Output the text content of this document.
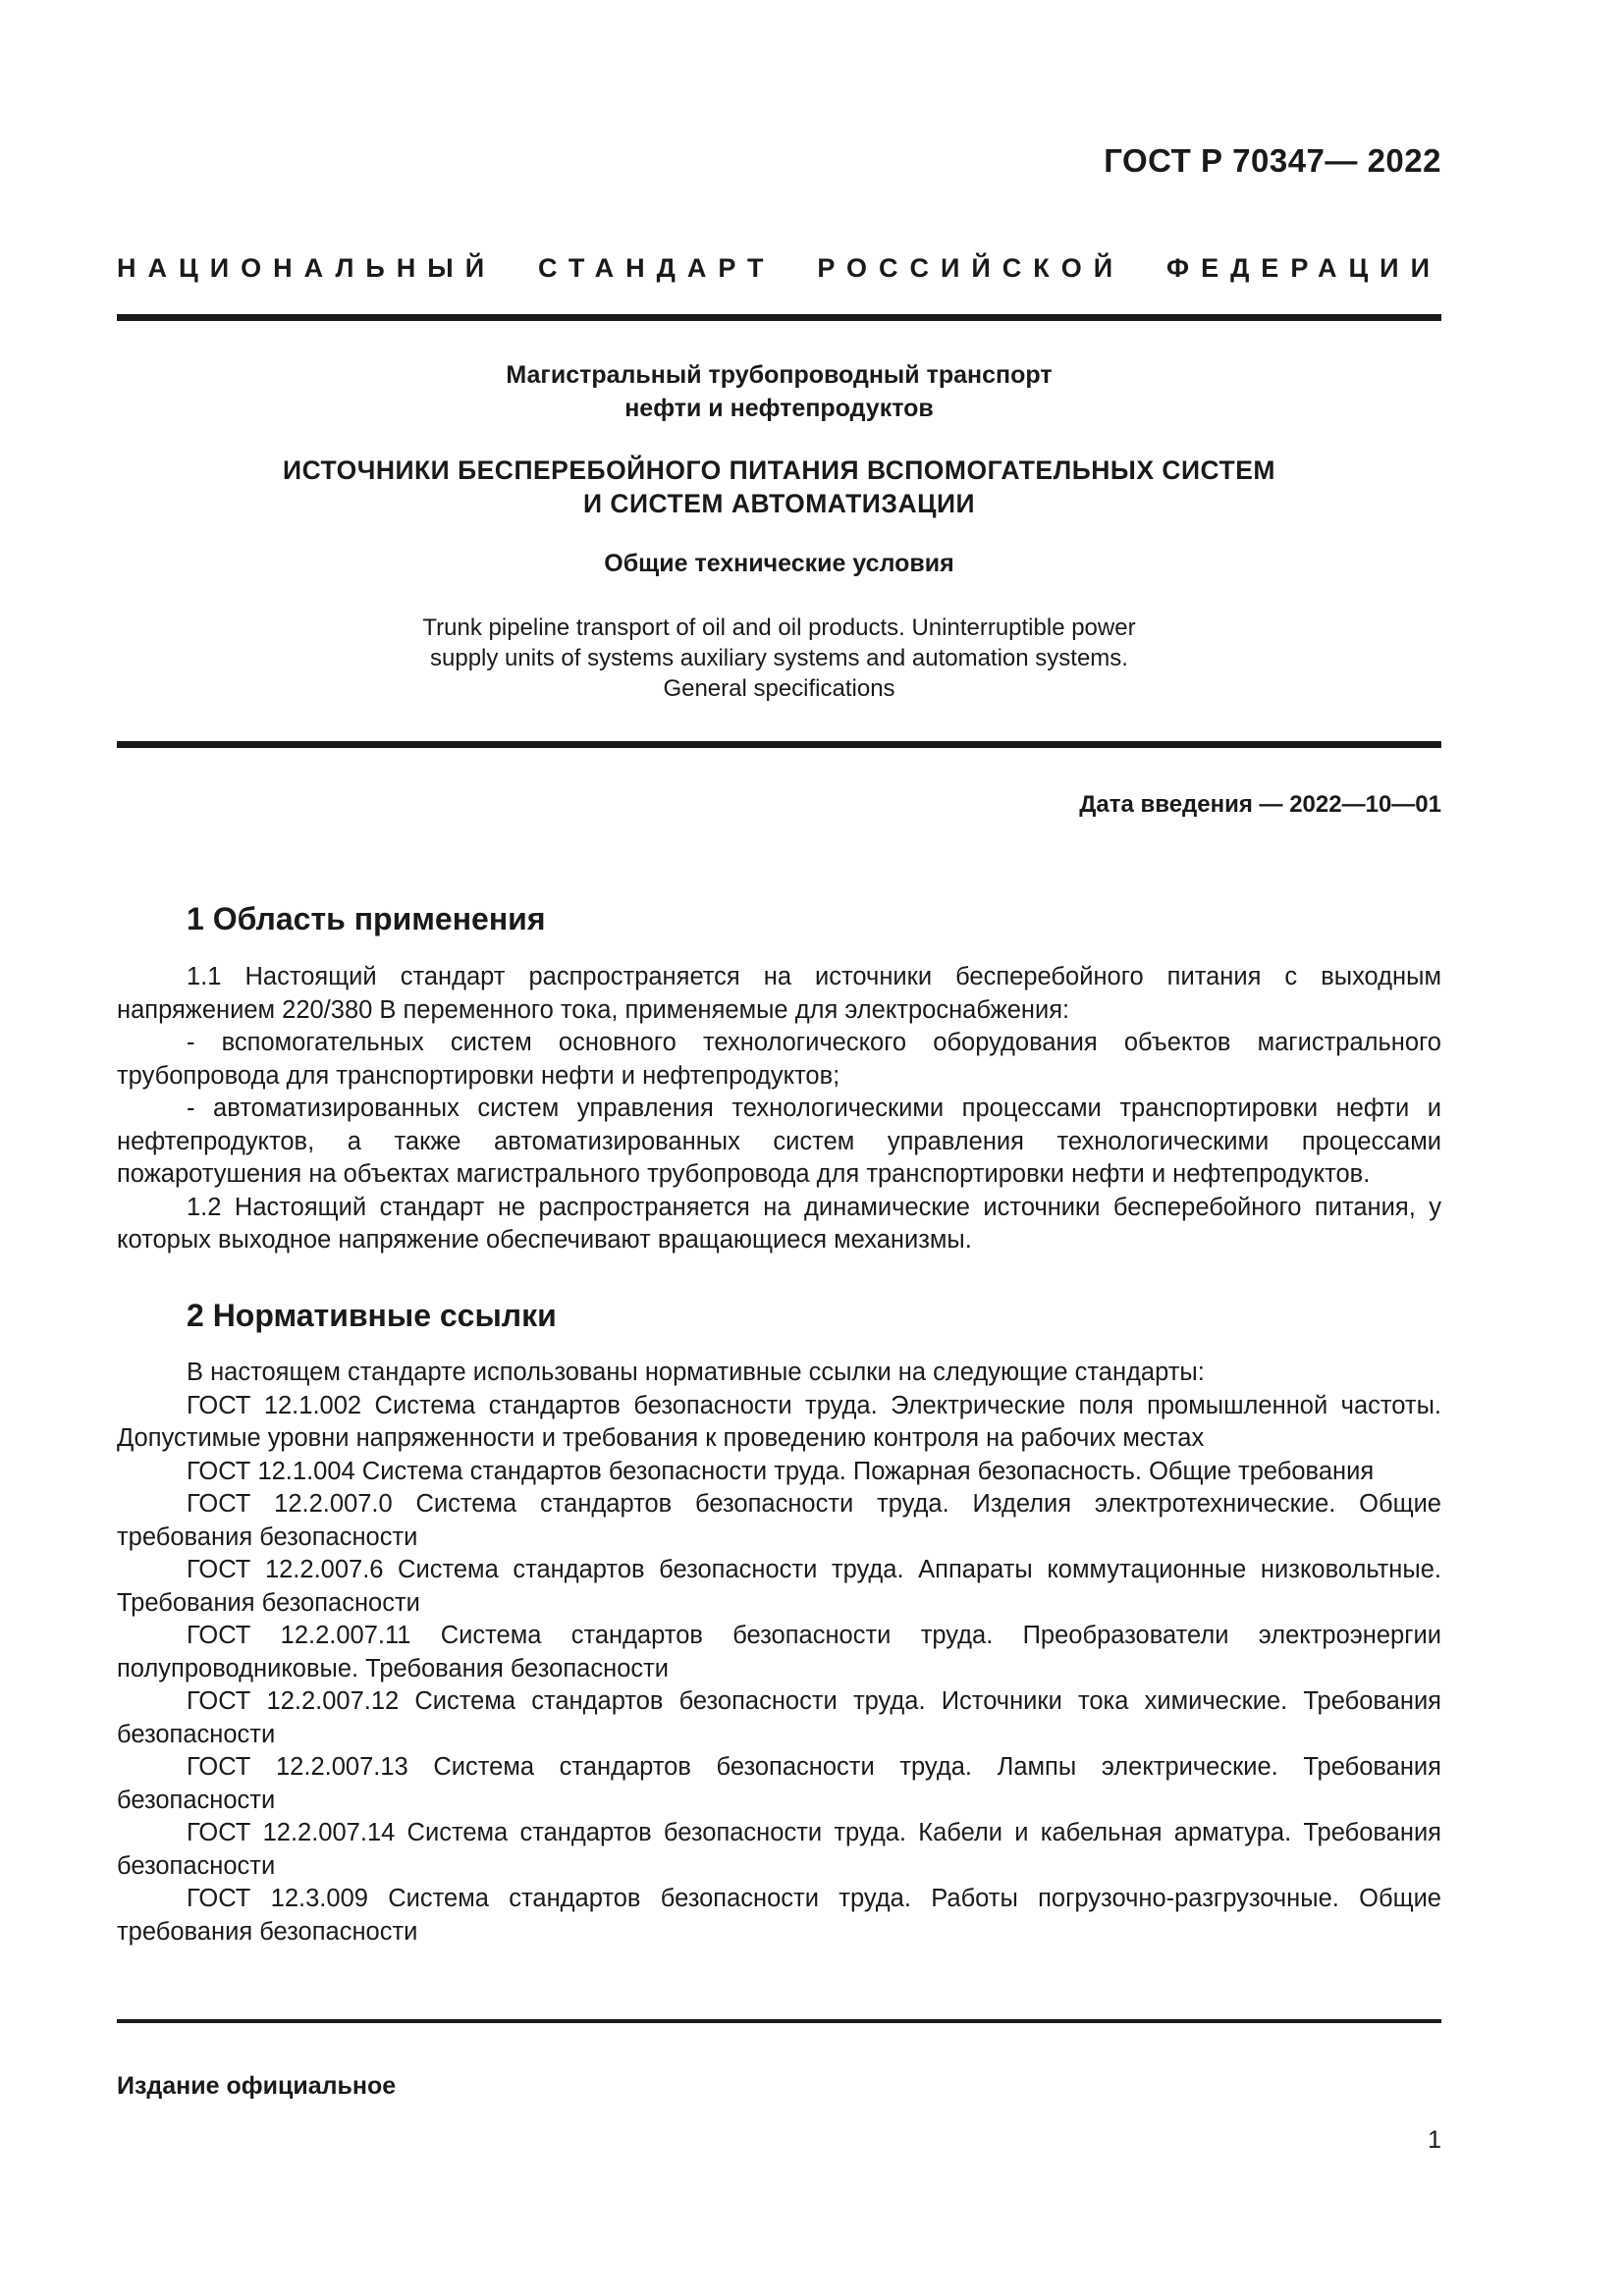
ГОСТ Р 70347— 2022
НАЦИОНАЛЬНЫЙ СТАНДАРТ РОССИЙСКОЙ ФЕДЕРАЦИИ
Магистральный трубопроводный транспорт
нефти и нефтепродуктов
ИСТОЧНИКИ БЕСПЕРЕБОЙНОГО ПИТАНИЯ ВСПОМОГАТЕЛЬНЫХ СИСТЕМ
И СИСТЕМ АВТОМАТИЗАЦИИ
Общие технические условия
Trunk pipeline transport of oil and oil products. Uninterruptible power
supply units of systems auxiliary systems and automation systems.
General specifications
Дата введения — 2022—10—01
1 Область применения

1.1 Настоящий стандарт распространяется на источники бесперебойного питания с выходным напряжением 220/380 В переменного тока, применяемые для электроснабжения:

- вспомогательных систем основного технологического оборудования объектов магистрального трубопровода для транспортировки нефти и нефтепродуктов;

- автоматизированных систем управления технологическими процессами транспортировки нефти и нефтепродуктов, а также автоматизированных систем управления технологическими процессами пожаротушения на объектах магистрального трубопровода для транспортировки нефти и нефтепродуктов.

1.2 Настоящий стандарт не распространяется на динамические источники бесперебойного питания, у которых выходное напряжение обеспечивают вращающиеся механизмы.

2 Нормативные ссылки

В настоящем стандарте использованы нормативные ссылки на следующие стандарты:

ГОСТ 12.1.002 Система стандартов безопасности труда. Электрические поля промышленной частоты. Допустимые уровни напряженности и требования к проведению контроля на рабочих местах

ГОСТ 12.1.004 Система стандартов безопасности труда. Пожарная безопасность. Общие требования

ГОСТ 12.2.007.0 Система стандартов безопасности труда. Изделия электротехнические. Общие требования безопасности

ГОСТ 12.2.007.6 Система стандартов безопасности труда. Аппараты коммутационные низковольтные. Требования безопасности

ГОСТ 12.2.007.11 Система стандартов безопасности труда. Преобразователи электроэнергии полупроводниковые. Требования безопасности

ГОСТ 12.2.007.12 Система стандартов безопасности труда. Источники тока химические. Требования безопасности

ГОСТ 12.2.007.13 Система стандартов безопасности труда. Лампы электрические. Требования безопасности

ГОСТ 12.2.007.14 Система стандартов безопасности труда. Кабели и кабельная арматура. Требования безопасности

ГОСТ 12.3.009 Система стандартов безопасности труда. Работы погрузочно-разгрузочные. Общие требования безопасности

Издание официальное
1
